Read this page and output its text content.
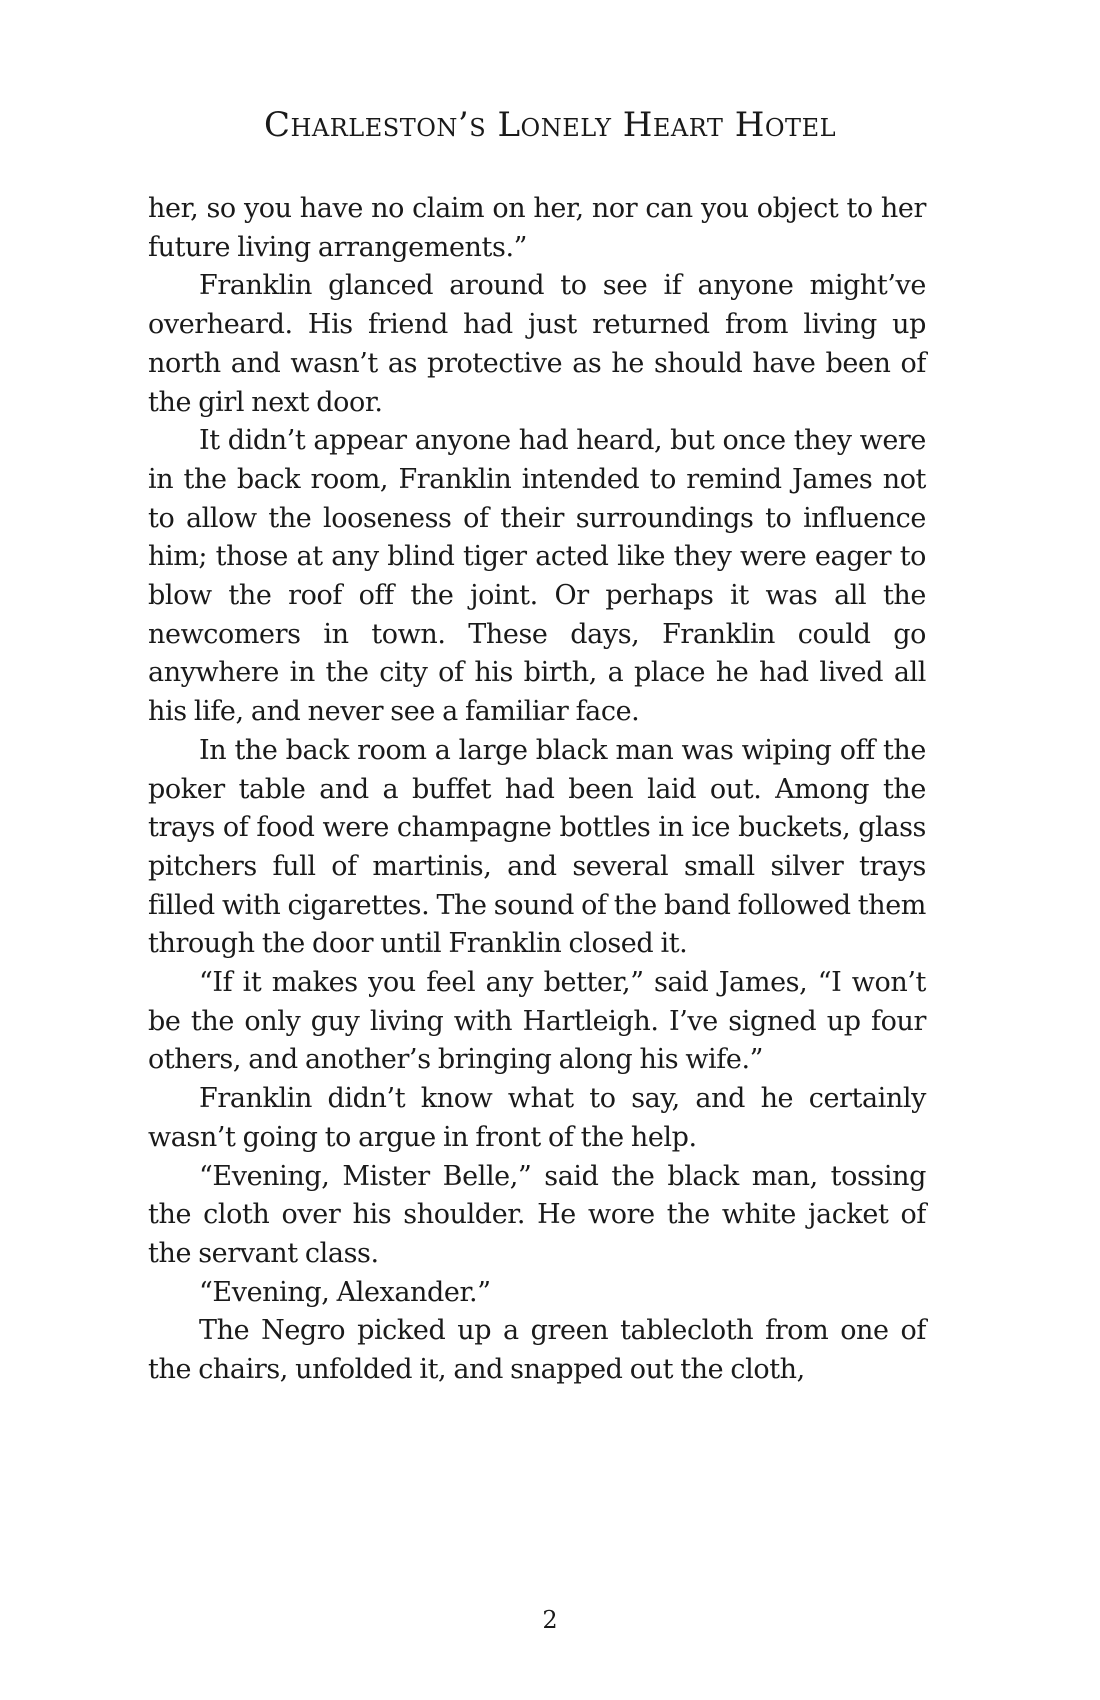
Charleston’s Lonely Heart Hotel

her, so you have no claim on her, nor can you object to her future living arrangements.”

Franklin glanced around to see if anyone might’ve overheard. His friend had just returned from living up north and wasn’t as protective as he should have been of the girl next door.

It didn’t appear anyone had heard, but once they were in the back room, Franklin intended to remind James not to allow the looseness of their surroundings to influence him; those at any blind tiger acted like they were eager to blow the roof off the joint. Or perhaps it was all the newcomers in town. These days, Franklin could go anywhere in the city of his birth, a place he had lived all his life, and never see a familiar face.

In the back room a large black man was wiping off the poker table and a buffet had been laid out. Among the trays of food were champagne bottles in ice buckets, glass pitchers full of martinis, and several small silver trays filled with cigarettes. The sound of the band followed them through the door until Franklin closed it.

“If it makes you feel any better,” said James, “I won’t be the only guy living with Hartleigh. I’ve signed up four others, and another’s bringing along his wife.”

Franklin didn’t know what to say, and he certainly wasn’t going to argue in front of the help.

“Evening, Mister Belle,” said the black man, tossing the cloth over his shoulder. He wore the white jacket of the servant class.

“Evening, Alexander.”

The Negro picked up a green tablecloth from one of the chairs, unfolded it, and snapped out the cloth,

2
